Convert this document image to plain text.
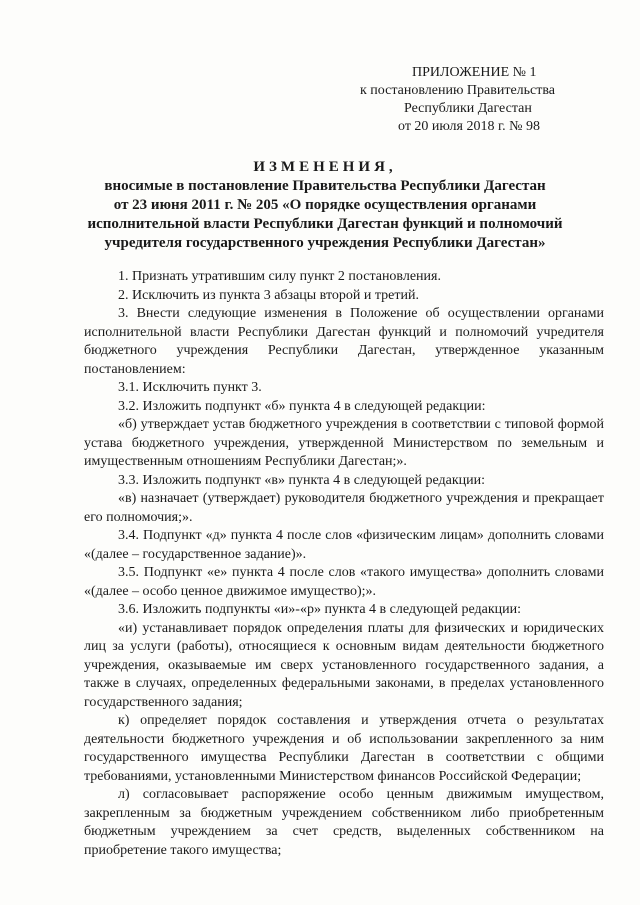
ПРИЛОЖЕНИЕ № 1
к постановлению Правительства
Республики Дагестан
от 20 июля 2018 г. № 98
ИЗМЕНЕНИЯ,
вносимые в постановление Правительства Республики Дагестан
от 23 июня 2011 г. № 205 «О порядке осуществления органами
исполнительной власти Республики Дагестан функций и полномочий
учредителя государственного учреждения Республики Дагестан»

1. Признать утратившим силу пункт 2 постановления.

2. Исключить из пункта 3 абзацы второй и третий.

3. Внести следующие изменения в Положение об осуществлении органами исполнительной власти Республики Дагестан функций и полномочий учредителя бюджетного учреждения Республики Дагестан, утвержденное указанным постановлением:

3.1. Исключить пункт 3.

3.2. Изложить подпункт «б» пункта 4 в следующей редакции:

«б) утверждает устав бюджетного учреждения в соответствии с типовой формой устава бюджетного учреждения, утвержденной Министерством по земельным и имущественным отношениям Республики Дагестан;».

3.3. Изложить подпункт «в» пункта 4 в следующей редакции:

«в) назначает (утверждает) руководителя бюджетного учреждения и прекращает его полномочия;».

3.4. Подпункт «д» пункта 4 после слов «физическим лицам» дополнить словами «(далее – государственное задание)».

3.5. Подпункт «е» пункта 4 после слов «такого имущества» дополнить словами «(далее – особо ценное движимое имущество);».

3.6. Изложить подпункты «и»-«р» пункта 4 в следующей редакции:

«и) устанавливает порядок определения платы для физических и юридических лиц за услуги (работы), относящиеся к основным видам деятельности бюджетного учреждения, оказываемые им сверх установленного государственного задания, а также в случаях, определенных федеральными законами, в пределах установленного государственного задания;

к) определяет порядок составления и утверждения отчета о результатах деятельности бюджетного учреждения и об использовании закрепленного за ним государственного имущества Республики Дагестан в соответствии с общими требованиями, установленными Министерством финансов Российской Федерации;

л) согласовывает распоряжение особо ценным движимым имуществом, закрепленным за бюджетным учреждением собственником либо приобретенным бюджетным учреждением за счет средств, выделенных собственником на приобретение такого имущества;
